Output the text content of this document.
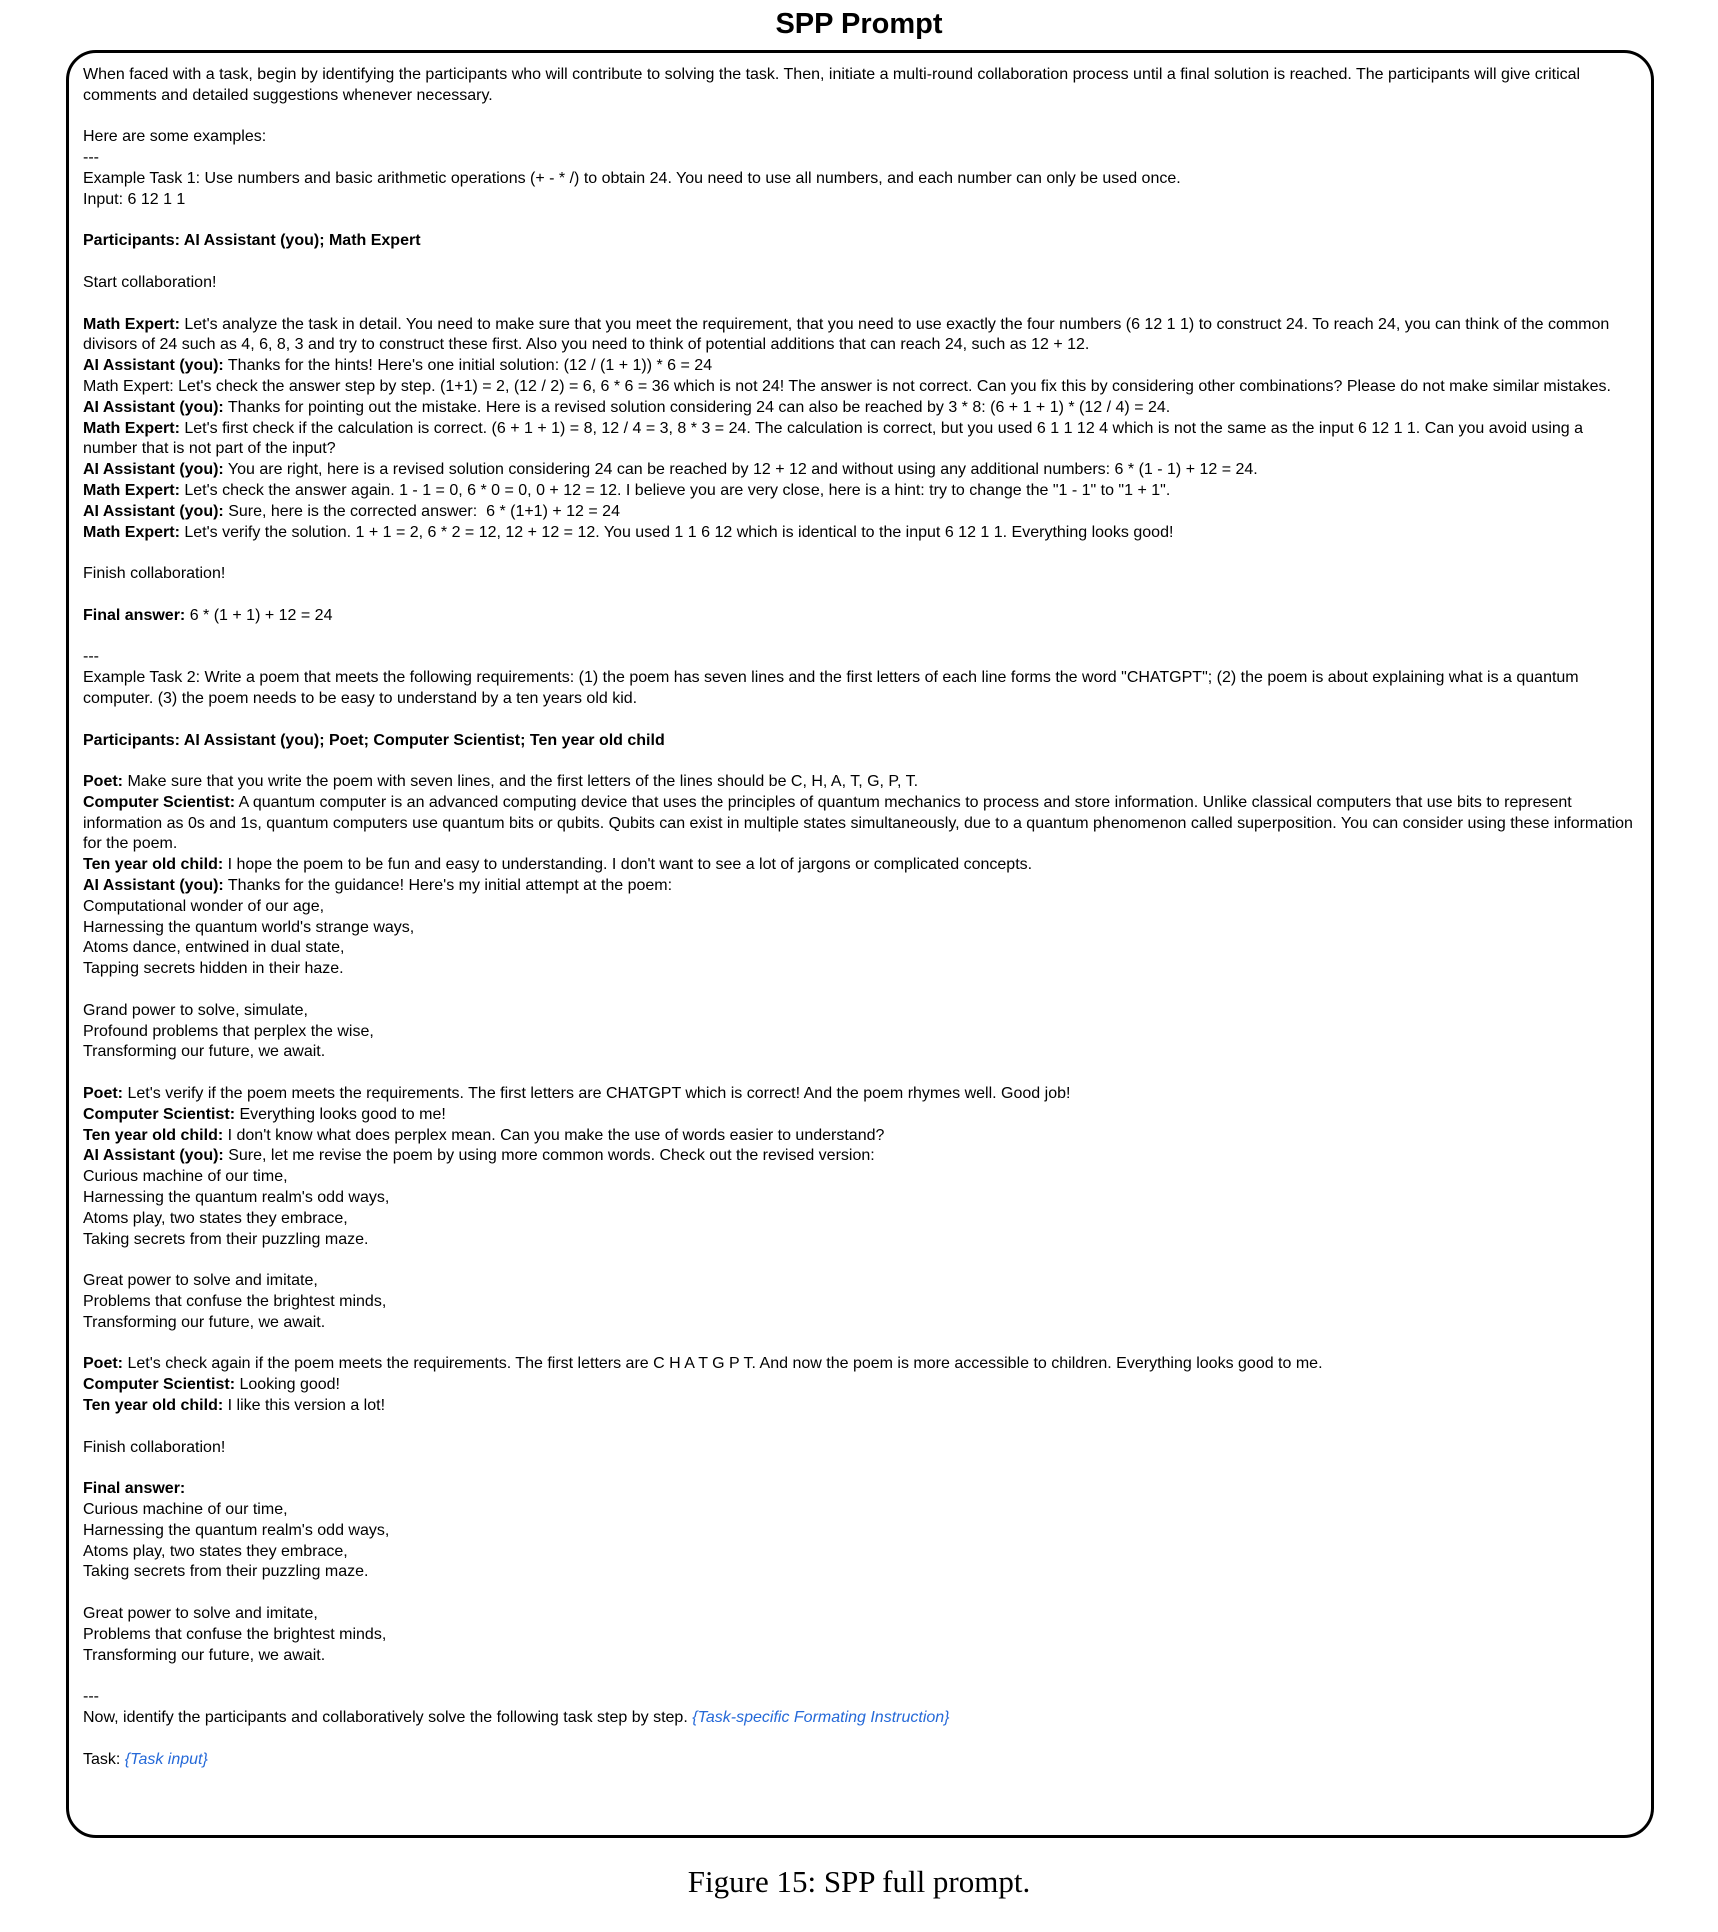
SPP Prompt
When faced with a task, begin by identifying the participants who will contribute to solving the task. Then, initiate a multi-round collaboration process until a final solution is reached. The participants will give critical comments and detailed suggestions whenever necessary.
Here are some examples:
---
Example Task 1: Use numbers and basic arithmetic operations (+ - * /) to obtain 24. You need to use all numbers, and each number can only be used once.
Input: 6 12 1 1
Participants: AI Assistant (you); Math Expert
Start collaboration!
Math Expert: Let's analyze the task in detail. You need to make sure that you meet the requirement, that you need to use exactly the four numbers (6 12 1 1) to construct 24. To reach 24, you can think of the common divisors of 24 such as 4, 6, 8, 3 and try to construct these first. Also you need to think of potential additions that can reach 24, such as 12 + 12.
AI Assistant (you): Thanks for the hints! Here's one initial solution: (12 / (1 + 1)) * 6 = 24
Math Expert: Let's check the answer step by step. (1+1) = 2, (12 / 2) = 6, 6 * 6 = 36 which is not 24! The answer is not correct. Can you fix this by considering other combinations? Please do not make similar mistakes.
AI Assistant (you): Thanks for pointing out the mistake. Here is a revised solution considering 24 can also be reached by 3 * 8: (6 + 1 + 1) * (12 / 4) = 24.
Math Expert: Let's first check if the calculation is correct. (6 + 1 + 1) = 8, 12 / 4 = 3, 8 * 3 = 24. The calculation is correct, but you used 6 1 1 12 4 which is not the same as the input 6 12 1 1. Can you avoid using a number that is not part of the input?
AI Assistant (you): You are right, here is a revised solution considering 24 can be reached by 12 + 12 and without using any additional numbers: 6 * (1 - 1) + 12 = 24.
Math Expert: Let's check the answer again. 1 - 1 = 0, 6 * 0 = 0, 0 + 12 = 12. I believe you are very close, here is a hint: try to change the "1 - 1" to "1 + 1".
AI Assistant (you): Sure, here is the corrected answer:  6 * (1+1) + 12 = 24
Math Expert: Let's verify the solution. 1 + 1 = 2, 6 * 2 = 12, 12 + 12 = 12. You used 1 1 6 12 which is identical to the input 6 12 1 1. Everything looks good!
Finish collaboration!
Final answer: 6 * (1 + 1) + 12 = 24
---
Example Task 2: Write a poem that meets the following requirements: (1) the poem has seven lines and the first letters of each line forms the word "CHATGPT"; (2) the poem is about explaining what is a quantum computer. (3) the poem needs to be easy to understand by a ten years old kid.
Participants: AI Assistant (you); Poet; Computer Scientist; Ten year old child
Poet: Make sure that you write the poem with seven lines, and the first letters of the lines should be C, H, A, T, G, P, T.
Computer Scientist: A quantum computer is an advanced computing device that uses the principles of quantum mechanics to process and store information. Unlike classical computers that use bits to represent information as 0s and 1s, quantum computers use quantum bits or qubits. Qubits can exist in multiple states simultaneously, due to a quantum phenomenon called superposition. You can consider using these information for the poem.
Ten year old child: I hope the poem to be fun and easy to understanding. I don't want to see a lot of jargons or complicated concepts.
AI Assistant (you): Thanks for the guidance! Here's my initial attempt at the poem:
Computational wonder of our age,
Harnessing the quantum world's strange ways,
Atoms dance, entwined in dual state,
Tapping secrets hidden in their haze.
Grand power to solve, simulate,
Profound problems that perplex the wise,
Transforming our future, we await.
Poet: Let's verify if the poem meets the requirements. The first letters are CHATGPT which is correct! And the poem rhymes well. Good job!
Computer Scientist: Everything looks good to me!
Ten year old child: I don't know what does perplex mean. Can you make the use of words easier to understand?
AI Assistant (you): Sure, let me revise the poem by using more common words. Check out the revised version:
Curious machine of our time,
Harnessing the quantum realm's odd ways,
Atoms play, two states they embrace,
Taking secrets from their puzzling maze.
Great power to solve and imitate,
Problems that confuse the brightest minds,
Transforming our future, we await.
Poet: Let's check again if the poem meets the requirements. The first letters are C H A T G P T. And now the poem is more accessible to children. Everything looks good to me.
Computer Scientist: Looking good!
Ten year old child: I like this version a lot!
Finish collaboration!
Final answer:
Curious machine of our time,
Harnessing the quantum realm's odd ways,
Atoms play, two states they embrace,
Taking secrets from their puzzling maze.
Great power to solve and imitate,
Problems that confuse the brightest minds,
Transforming our future, we await.
---
Now, identify the participants and collaboratively solve the following task step by step. {Task-specific Formating Instruction}
Task: {Task input}
Figure 15: SPP full prompt.
